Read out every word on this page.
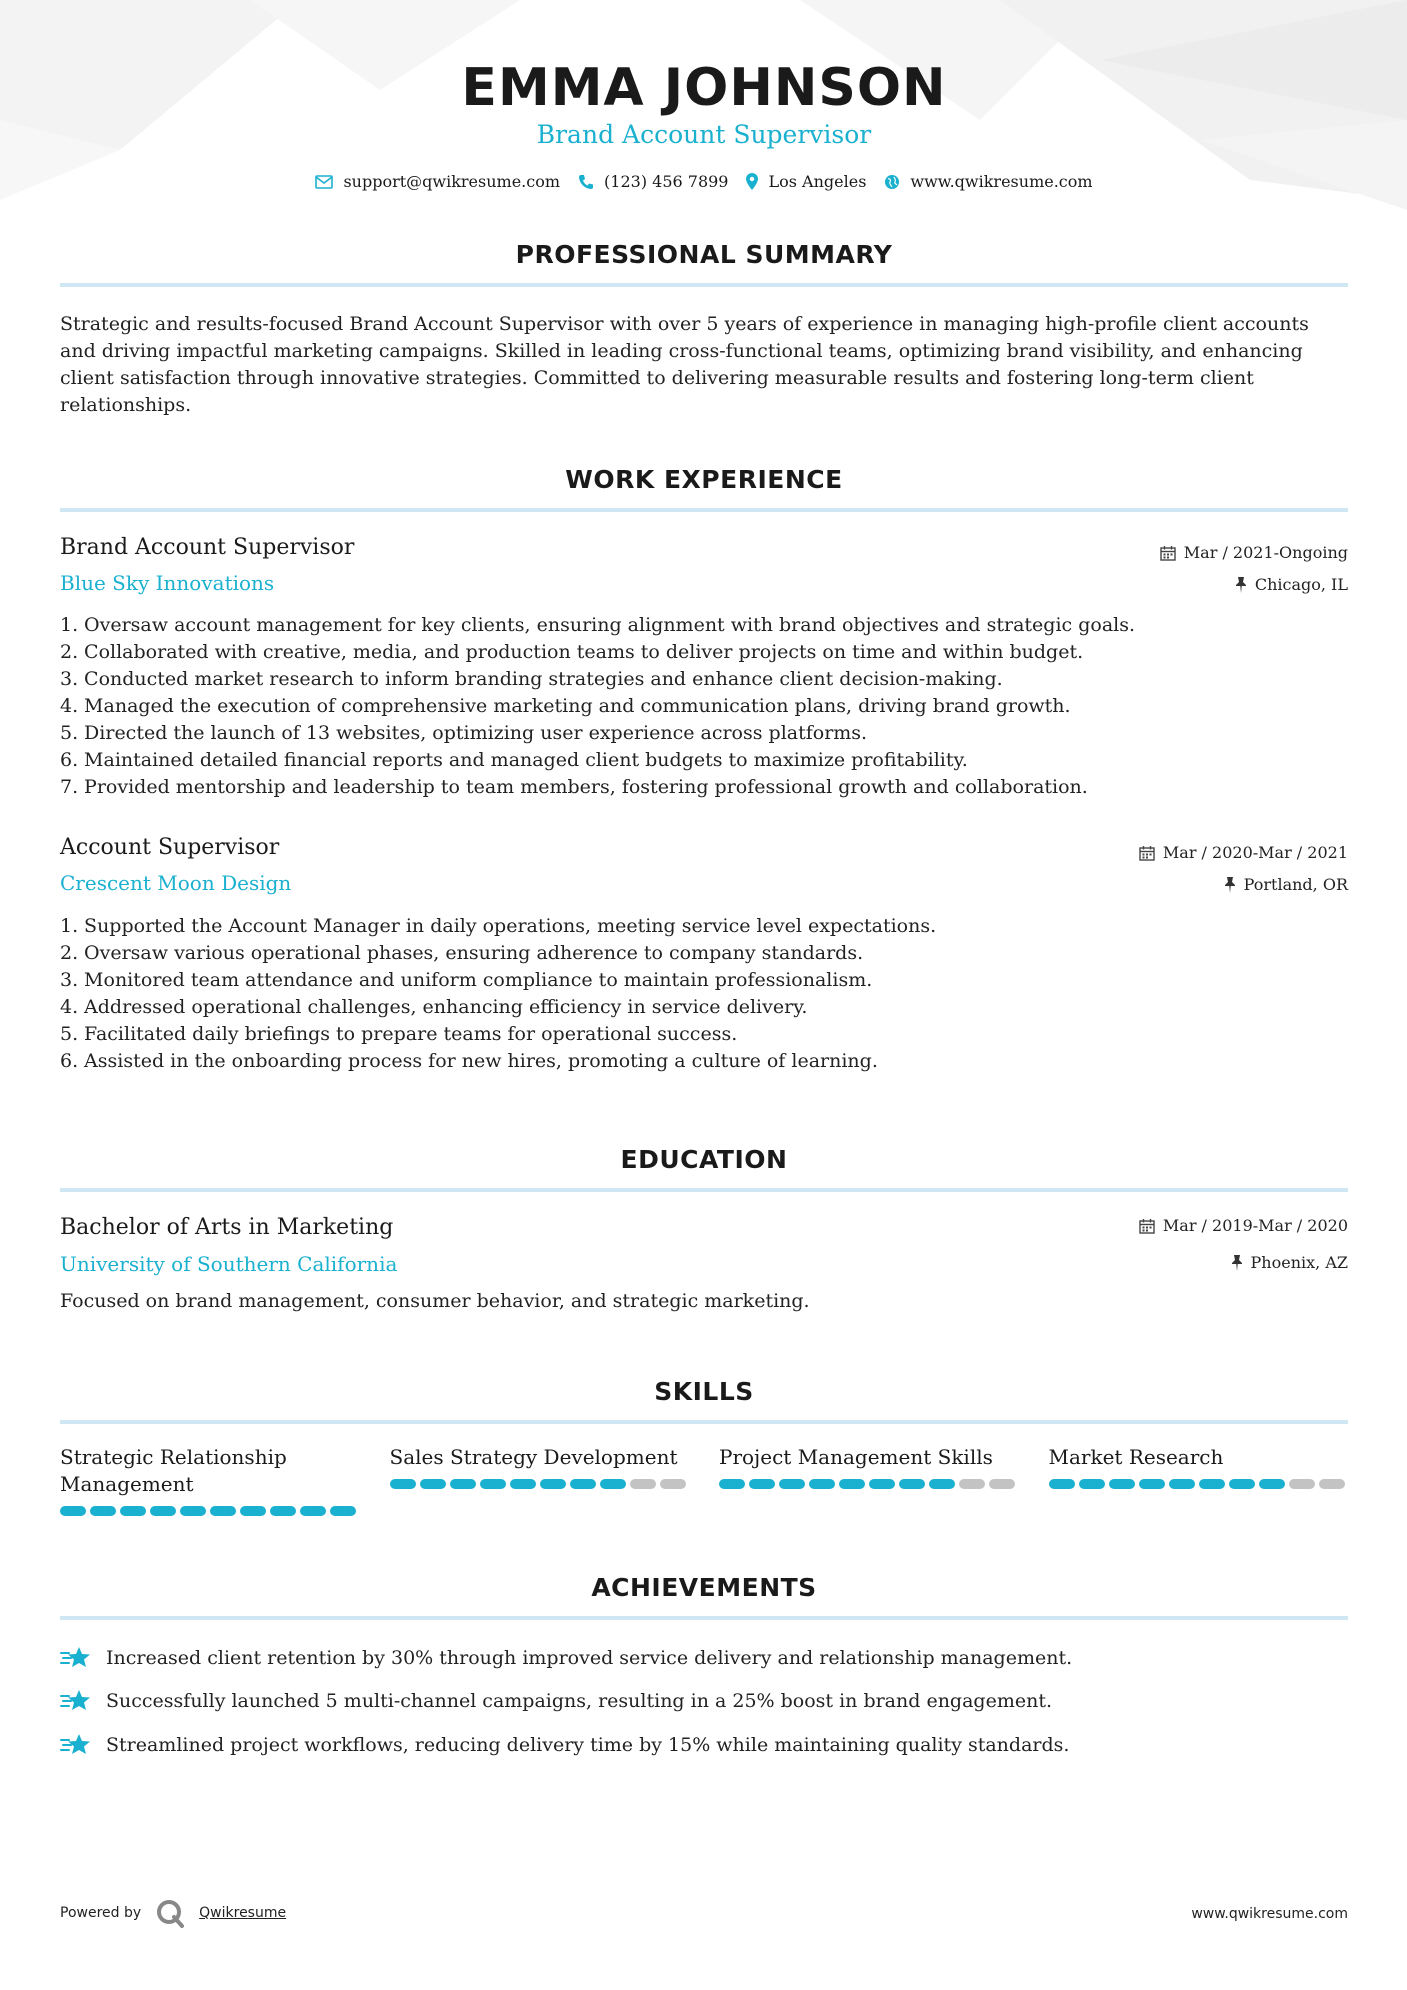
EMMA JOHNSON
Brand Account Supervisor
support@qwikresume.com	(123) 456 7899	Los Angeles	www.qwikresume.com
PROFESSIONAL SUMMARY
Strategic and results-focused Brand Account Supervisor with over 5 years of experience in managing high-profile client accounts
and driving impactful marketing campaigns. Skilled in leading cross-functional teams, optimizing brand visibility, and enhancing
client satisfaction through innovative strategies. Committed to delivering measurable results and fostering long-term client
relationships.
WORK EXPERIENCE
Brand Account Supervisor
Blue Sky Innovations
Mar / 2021-Ongoing
Chicago, IL
1.
Oversaw account management for key clients, ensuring alignment with brand objectives and strategic goals.
2.
Collaborated with creative, media, and production teams to deliver projects on time and within budget.
3.
Conducted market research to inform branding strategies and enhance client decision-making.
4.
Managed the execution of comprehensive marketing and communication plans, driving brand growth.
5.
Directed the launch of 13 websites, optimizing user experience across platforms.
6.
Maintained detailed financial reports and managed client budgets to maximize profitability.
7.
Provided mentorship and leadership to team members, fostering professional growth and collaboration.
Account Supervisor
Crescent Moon Design
Mar / 2020-Mar / 2021
Portland, OR
1.
Supported the Account Manager in daily operations, meeting service level expectations.
2.
Oversaw various operational phases, ensuring adherence to company standards.
3.
Monitored team attendance and uniform compliance to maintain professionalism.
4.
Addressed operational challenges, enhancing efficiency in service delivery.
5.
Facilitated daily briefings to prepare teams for operational success.
6.
Assisted in the onboarding process for new hires, promoting a culture of learning.
EDUCATION
Bachelor of Arts in Marketing
University of Southern California
Mar / 2019-Mar / 2020
Phoenix, AZ
Focused on brand management, consumer behavior, and strategic marketing.
SKILLS
Strategic Relationship Management
Sales Strategy Development	Project Management Skills	Market Research
ACHIEVEMENTS
Increased client retention by 30% through improved service delivery and relationship management.
Successfully launched 5 multi-channel campaigns, resulting in a 25% boost in brand engagement.
Streamlined project workflows, reducing delivery time by 15% while maintaining quality standards.
Powered by	Qwikresume	www.qwikresume.com
